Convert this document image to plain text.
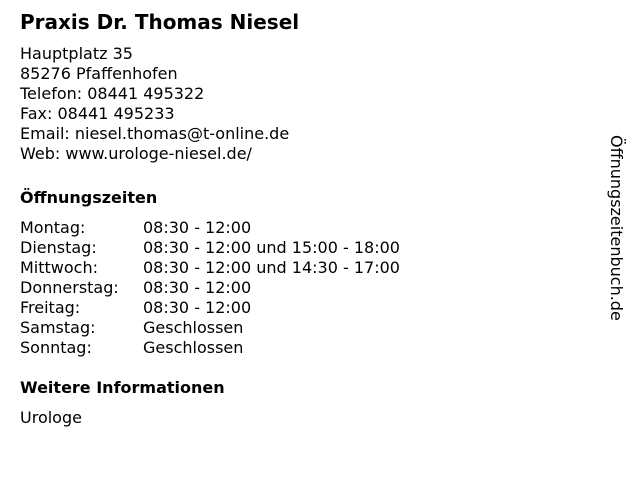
Praxis Dr. Thomas Niesel
Hauptplatz 35
85276 Pfaffenhofen
Telefon: 08441 495322
Fax: 08441 495233
Email: niesel.thomas@t-online.de
Web: www.urologe-niesel.de/
Öffnungszeiten
Montag:	08:30 - 12:00
Dienstag:	08:30 - 12:00 und 15:00 - 18:00
Mittwoch:	08:30 - 12:00 und 14:30 - 17:00
Donnerstag:	08:30 - 12:00
Freitag:	08:30 - 12:00
Samstag:	Geschlossen
Sonntag:	Geschlossen
Weitere Informationen
Urologe
Öffnungszeitenbuch.de
